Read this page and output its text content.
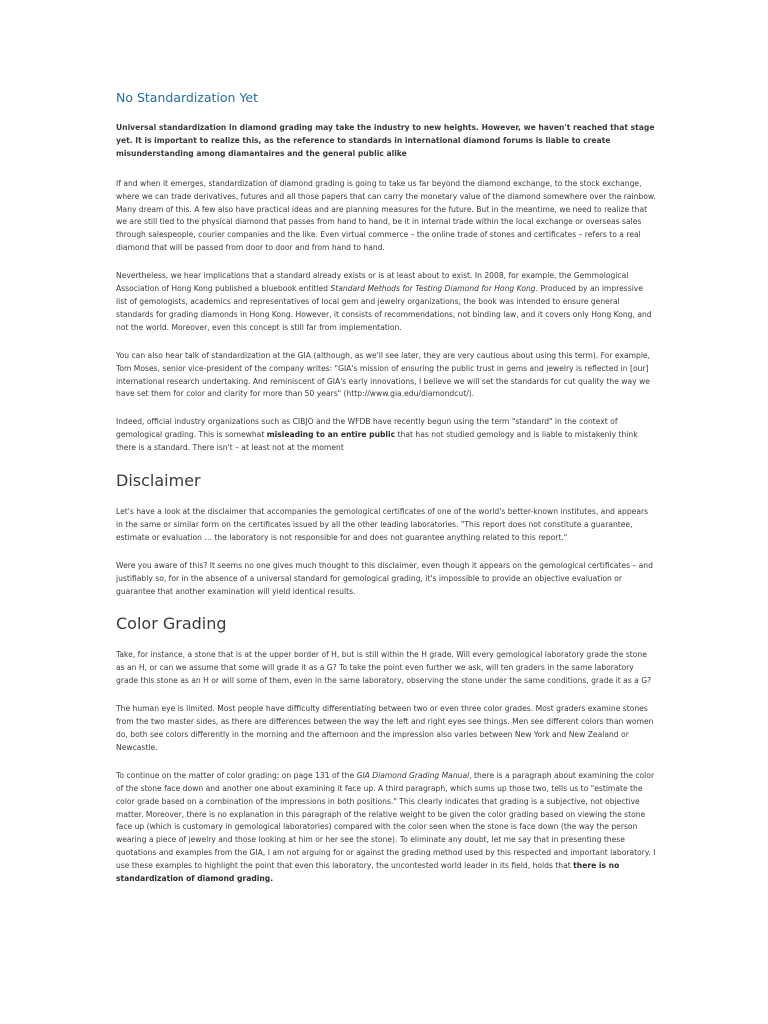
No Standardization Yet

Universal standardization in diamond grading may take the industry to new heights. However, we haven't reached that stage yet. It is important to realize this, as the reference to standards in international diamond forums is liable to create misunderstanding among diamantaires and the general public alike

If and when it emerges, standardization of diamond grading is going to take us far beyond the diamond exchange, to the stock exchange, where we can trade derivatives, futures and all those papers that can carry the monetary value of the diamond somewhere over the rainbow. Many dream of this. A few also have practical ideas and are planning measures for the future. But in the meantime, we need to realize that we are still tied to the physical diamond that passes from hand to hand, be it in internal trade within the local exchange or overseas sales through salespeople, courier companies and the like. Even virtual commerce – the online trade of stones and certificates – refers to a real diamond that will be passed from door to door and from hand to hand.

Nevertheless, we hear implications that a standard already exists or is at least about to exist. In 2008, for example, the Gemmological Association of Hong Kong published a bluebook entitled Standard Methods for Testing Diamond for Hong Kong. Produced by an impressive list of gemologists, academics and representatives of local gem and jewelry organizations, the book was intended to ensure general standards for grading diamonds in Hong Kong. However, it consists of recommendations, not binding law, and it covers only Hong Kong, and not the world. Moreover, even this concept is still far from implementation.

You can also hear talk of standardization at the GIA (although, as we'll see later, they are very cautious about using this term). For example, Tom Moses, senior vice-president of the company writes: "GIA's mission of ensuring the public trust in gems and jewelry is reflected in [our] international research undertaking. And reminiscent of GIA's early innovations, I believe we will set the standards for cut quality the way we have set them for color and clarity for more than 50 years" (http://www.gia.edu/diamondcut/).

Indeed, official industry organizations such as CIBJO and the WFDB have recently begun using the term "standard" in the context of gemological grading. This is somewhat misleading to an entire public that has not studied gemology and is liable to mistakenly think there is a standard. There isn't – at least not at the moment

Disclaimer

Let's have a look at the disclaimer that accompanies the gemological certificates of one of the world's better-known institutes, and appears in the same or similar form on the certificates issued by all the other leading laboratories. "This report does not constitute a guarantee, estimate or evaluation … the laboratory is not responsible for and does not guarantee anything related to this report."

Were you aware of this? It seems no one gives much thought to this disclaimer, even though it appears on the gemological certificates – and justifiably so, for in the absence of a universal standard for gemological grading, it's impossible to provide an objective evaluation or guarantee that another examination will yield identical results.

Color Grading

Take, for instance, a stone that is at the upper border of H, but is still within the H grade. Will every gemological laboratory grade the stone as an H, or can we assume that some will grade it as a G? To take the point even further we ask, will ten graders in the same laboratory grade this stone as an H or will some of them, even in the same laboratory, observing the stone under the same conditions, grade it as a G?

The human eye is limited. Most people have difficulty differentiating between two or even three color grades. Most graders examine stones from the two master sides, as there are differences between the way the left and right eyes see things. Men see different colors than women do, both see colors differently in the morning and the afternoon and the impression also varies between New York and New Zealand or Newcastle.

To continue on the matter of color grading: on page 131 of the GIA Diamond Grading Manual, there is a paragraph about examining the color of the stone face down and another one about examining it face up. A third paragraph, which sums up those two, tells us to "estimate the color grade based on a combination of the impressions in both positions." This clearly indicates that grading is a subjective, not objective matter. Moreover, there is no explanation in this paragraph of the relative weight to be given the color grading based on viewing the stone face up (which is customary in gemological laboratories) compared with the color seen when the stone is face down (the way the person wearing a piece of jewelry and those looking at him or her see the stone). To eliminate any doubt, let me say that in presenting these quotations and examples from the GIA, I am not arguing for or against the grading method used by this respected and important laboratory. I use these examples to highlight the point that even this laboratory, the uncontested world leader in its field, holds that there is no standardization of diamond grading.
